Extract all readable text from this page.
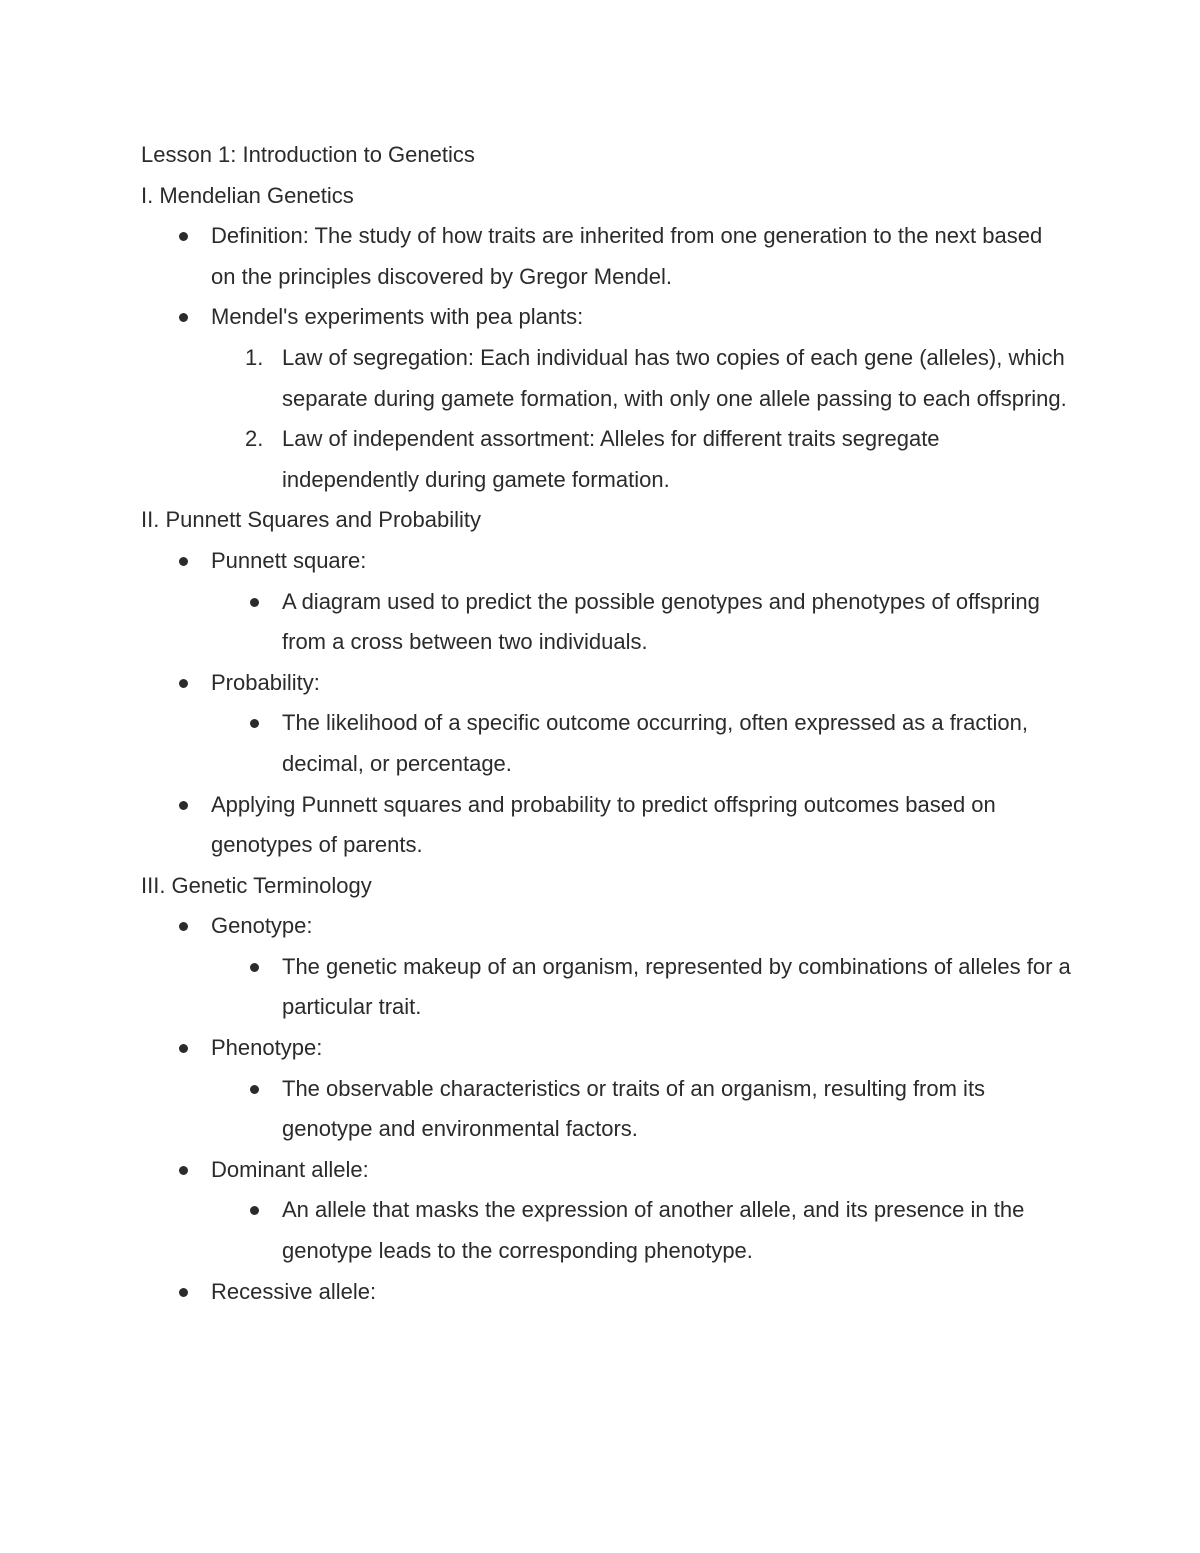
Lesson 1: Introduction to Genetics

I. Mendelian Genetics

Definition: The study of how traits are inherited from one generation to the next based on the principles discovered by Gregor Mendel.
Mendel's experiments with pea plants:
1. Law of segregation: Each individual has two copies of each gene (alleles), which separate during gamete formation, with only one allele passing to each offspring.
2. Law of independent assortment: Alleles for different traits segregate independently during gamete formation.

II. Punnett Squares and Probability

Punnett square:
A diagram used to predict the possible genotypes and phenotypes of offspring from a cross between two individuals.
Probability:
The likelihood of a specific outcome occurring, often expressed as a fraction, decimal, or percentage.
Applying Punnett squares and probability to predict offspring outcomes based on genotypes of parents.

III. Genetic Terminology

Genotype:
The genetic makeup of an organism, represented by combinations of alleles for a particular trait.
Phenotype:
The observable characteristics or traits of an organism, resulting from its genotype and environmental factors.
Dominant allele:
An allele that masks the expression of another allele, and its presence in the genotype leads to the corresponding phenotype.
Recessive allele:
